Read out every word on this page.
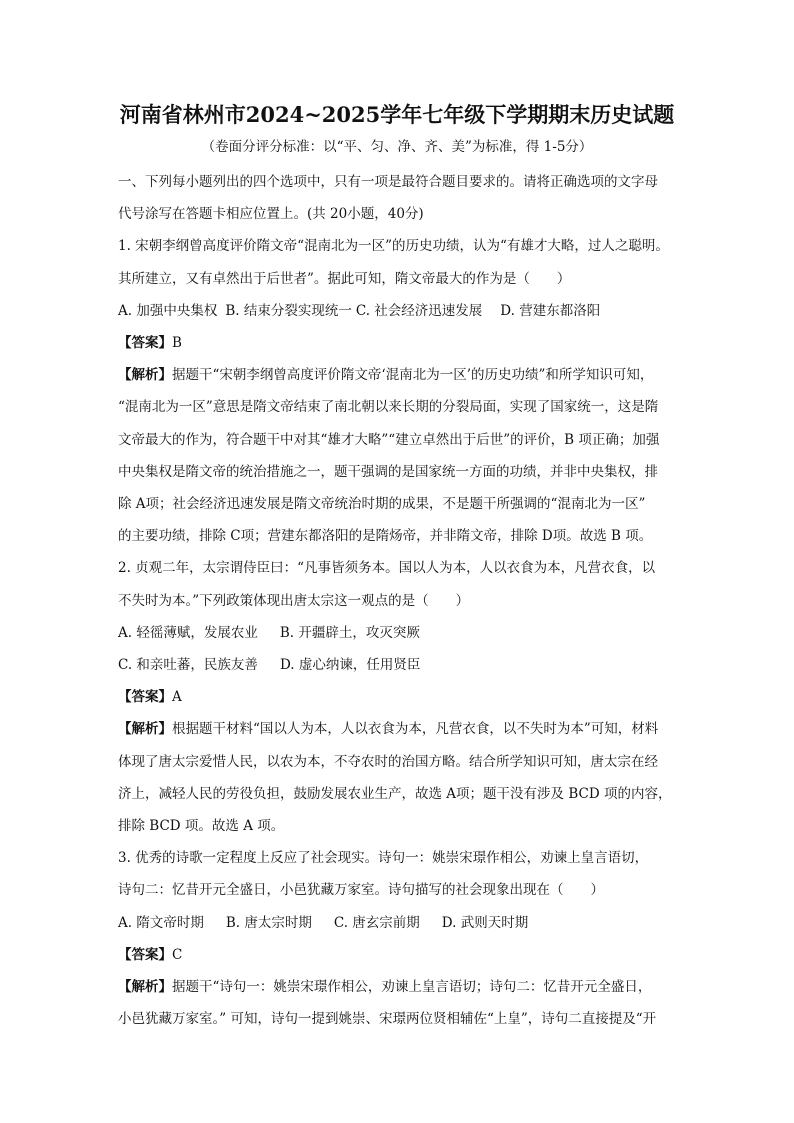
河南省林州市2024~2025学年七年级下学期期末历史试题
（卷面分评分标准：以“平、匀、净、齐、美”为标准，得 1-5分）

一、下列每小题列出的四个选项中，只有一项是最符合题目要求的。请将正确选项的文字母

代号涂写在答题卡相应位置上。(共 20小题，40分)

1. 宋朝李纲曾高度评价隋文帝“混南北为一区”的历史功绩，认为“有雄才大略，过人之聪明。

其所建立，又有卓然出于后世者”。据此可知，隋文帝最大的作为是（　　）

A. 加强中央集权 B. 结束分裂实现统一 C. 社会经济迅速发展 D. 营建东都洛阳

【答案】B

【解析】据题干“宋朝李纲曾高度评价隋文帝‘混南北为一区’的历史功绩”和所学知识可知，

“混南北为一区”意思是隋文帝结束了南北朝以来长期的分裂局面，实现了国家统一，这是隋

文帝最大的作为，符合题干中对其“雄才大略”“建立卓然出于后世”的评价，B 项正确；加强

中央集权是隋文帝的统治措施之一，题干强调的是国家统一方面的功绩，并非中央集权，排

除 A项；社会经济迅速发展是隋文帝统治时期的成果，不是题干所强调的“混南北为一区”

的主要功绩，排除 C项；营建东都洛阳的是隋炀帝，并非隋文帝，排除 D项。故选 B 项。

2. 贞观二年，太宗谓侍臣曰：“凡事皆须务本。国以人为本，人以衣食为本，凡营衣食，以

不失时为本。”下列政策体现出唐太宗这一观点的是（　　）

A. 轻徭薄赋，发展农业 B. 开疆辟土，攻灭突厥
C. 和亲吐蕃，民族友善 D. 虚心纳谏，任用贤臣

【答案】A

【解析】根据题干材料“国以人为本，人以衣食为本，凡营衣食，以不失时为本”可知，材料

体现了唐太宗爱惜人民，以农为本，不夺农时的治国方略。结合所学知识可知，唐太宗在经

济上，减轻人民的劳役负担，鼓励发展农业生产，故选 A项；题干没有涉及 BCD 项的内容，

排除 BCD 项。故选 A 项。

3. 优秀的诗歌一定程度上反应了社会现实。诗句一：姚崇宋璟作相公，劝谏上皇言语切，

诗句二：忆昔开元全盛日，小邑犹藏万家室。诗句描写的社会现象出现在（　　）

A. 隋文帝时期 B. 唐太宗时期 C. 唐玄宗前期 D. 武则天时期

【答案】C

【解析】据题干“诗句一：姚崇宋璟作相公，劝谏上皇言语切；诗句二：忆昔开元全盛日，

小邑犹藏万家室。” 可知，诗句一提到姚崇、宋璟两位贤相辅佐“上皇”，诗句二直接提及“开
